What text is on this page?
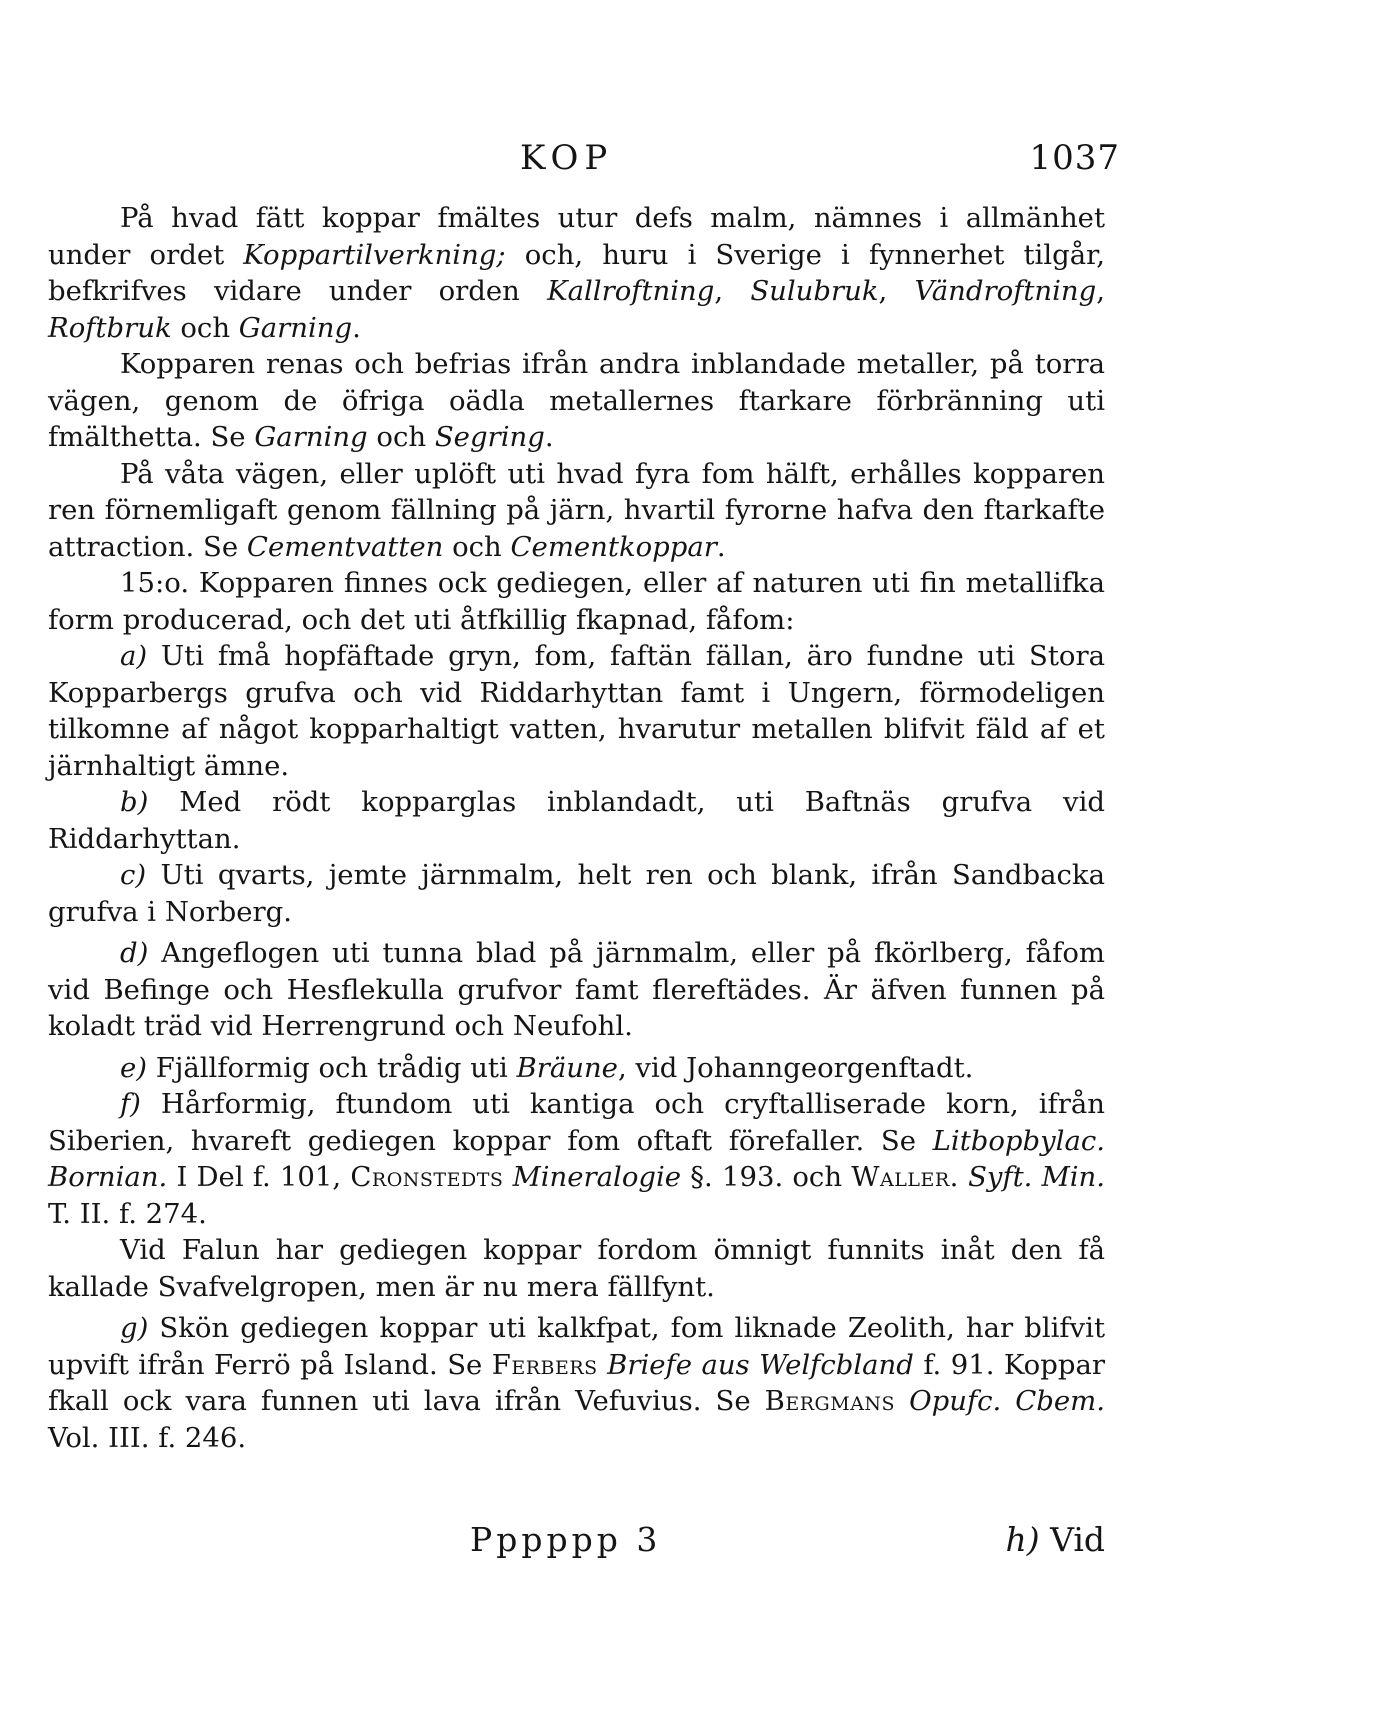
KOP	1037

På hvad fätt koppar fmältes utur defs malm, nämnes i allmänhet under ordet Koppartilverkning; och, huru i Sverige i fynnerhet tilgår, befkrifves vidare under orden Kallroftning, Sulubruk, Vändroftning, Roftbruk och Garning.

Kopparen renas och befrias ifrån andra inblandade metaller, på torra vägen, genom de öfriga oädla metallernes ftarkare förbränning uti fmälthetta. Se Garning och Segring.

På våta vägen, eller uplöft uti hvad fyra fom hälft, erhålles kopparen ren förnemligaft genom fällning på järn, hvartil fyrorne hafva den ftarkafte attraction. Se Cementvatten och Cementkoppar.

15:o. Kopparen finnes ock gediegen, eller af naturen uti fin metallifka form producerad, och det uti åtfkillig fkapnad, fåfom:

a) Uti fmå hopfäftade gryn, fom, faftän fällan, äro fundne uti Stora Kopparbergs grufva och vid Riddarhyttan famt i Ungern, förmodeligen tilkomne af något kopparhaltigt vatten, hvarutur metallen blifvit fäld af et järnhaltigt ämne.

b) Med rödt kopparglas inblandadt, uti Baftnäs grufva vid Riddarhyttan.

c) Uti qvarts, jemte järnmalm, helt ren och blank, ifrån Sandbacka grufva i Norberg.

d) Angeflogen uti tunna blad på järnmalm, eller på fkörlberg, fåfom vid Befinge och Hesflekulla grufvor famt flereftädes. Är äfven funnen på koladt träd vid Herrengrund och Neufohl.

e) Fjällformig och trådig uti Bräune, vid Johanngeorgenftadt.

f) Hårformig, ftundom uti kantiga och cryftalliserade korn, ifrån Siberien, hvareft gediegen koppar fom oftaft förefaller. Se Litbopbylac. Bornian. I Del f. 101, Cronstedts Mineralogie §. 193. och Waller. Syft. Min. T. II. f. 274.

Vid Falun har gediegen koppar fordom ömnigt funnits inåt den få kallade Svafvelgropen, men är nu mera fällfynt.

g) Skön gediegen koppar uti kalkfpat, fom liknade Zeolith, har blifvit upvift ifrån Ferrö på Island. Se Ferbers Briefe aus Welfcbland f. 91. Koppar fkall ock vara funnen uti lava ifrån Vefuvius. Se Bergmans Opufc. Cbem. Vol. III. f. 246.

Pppppp 3	h) Vid
